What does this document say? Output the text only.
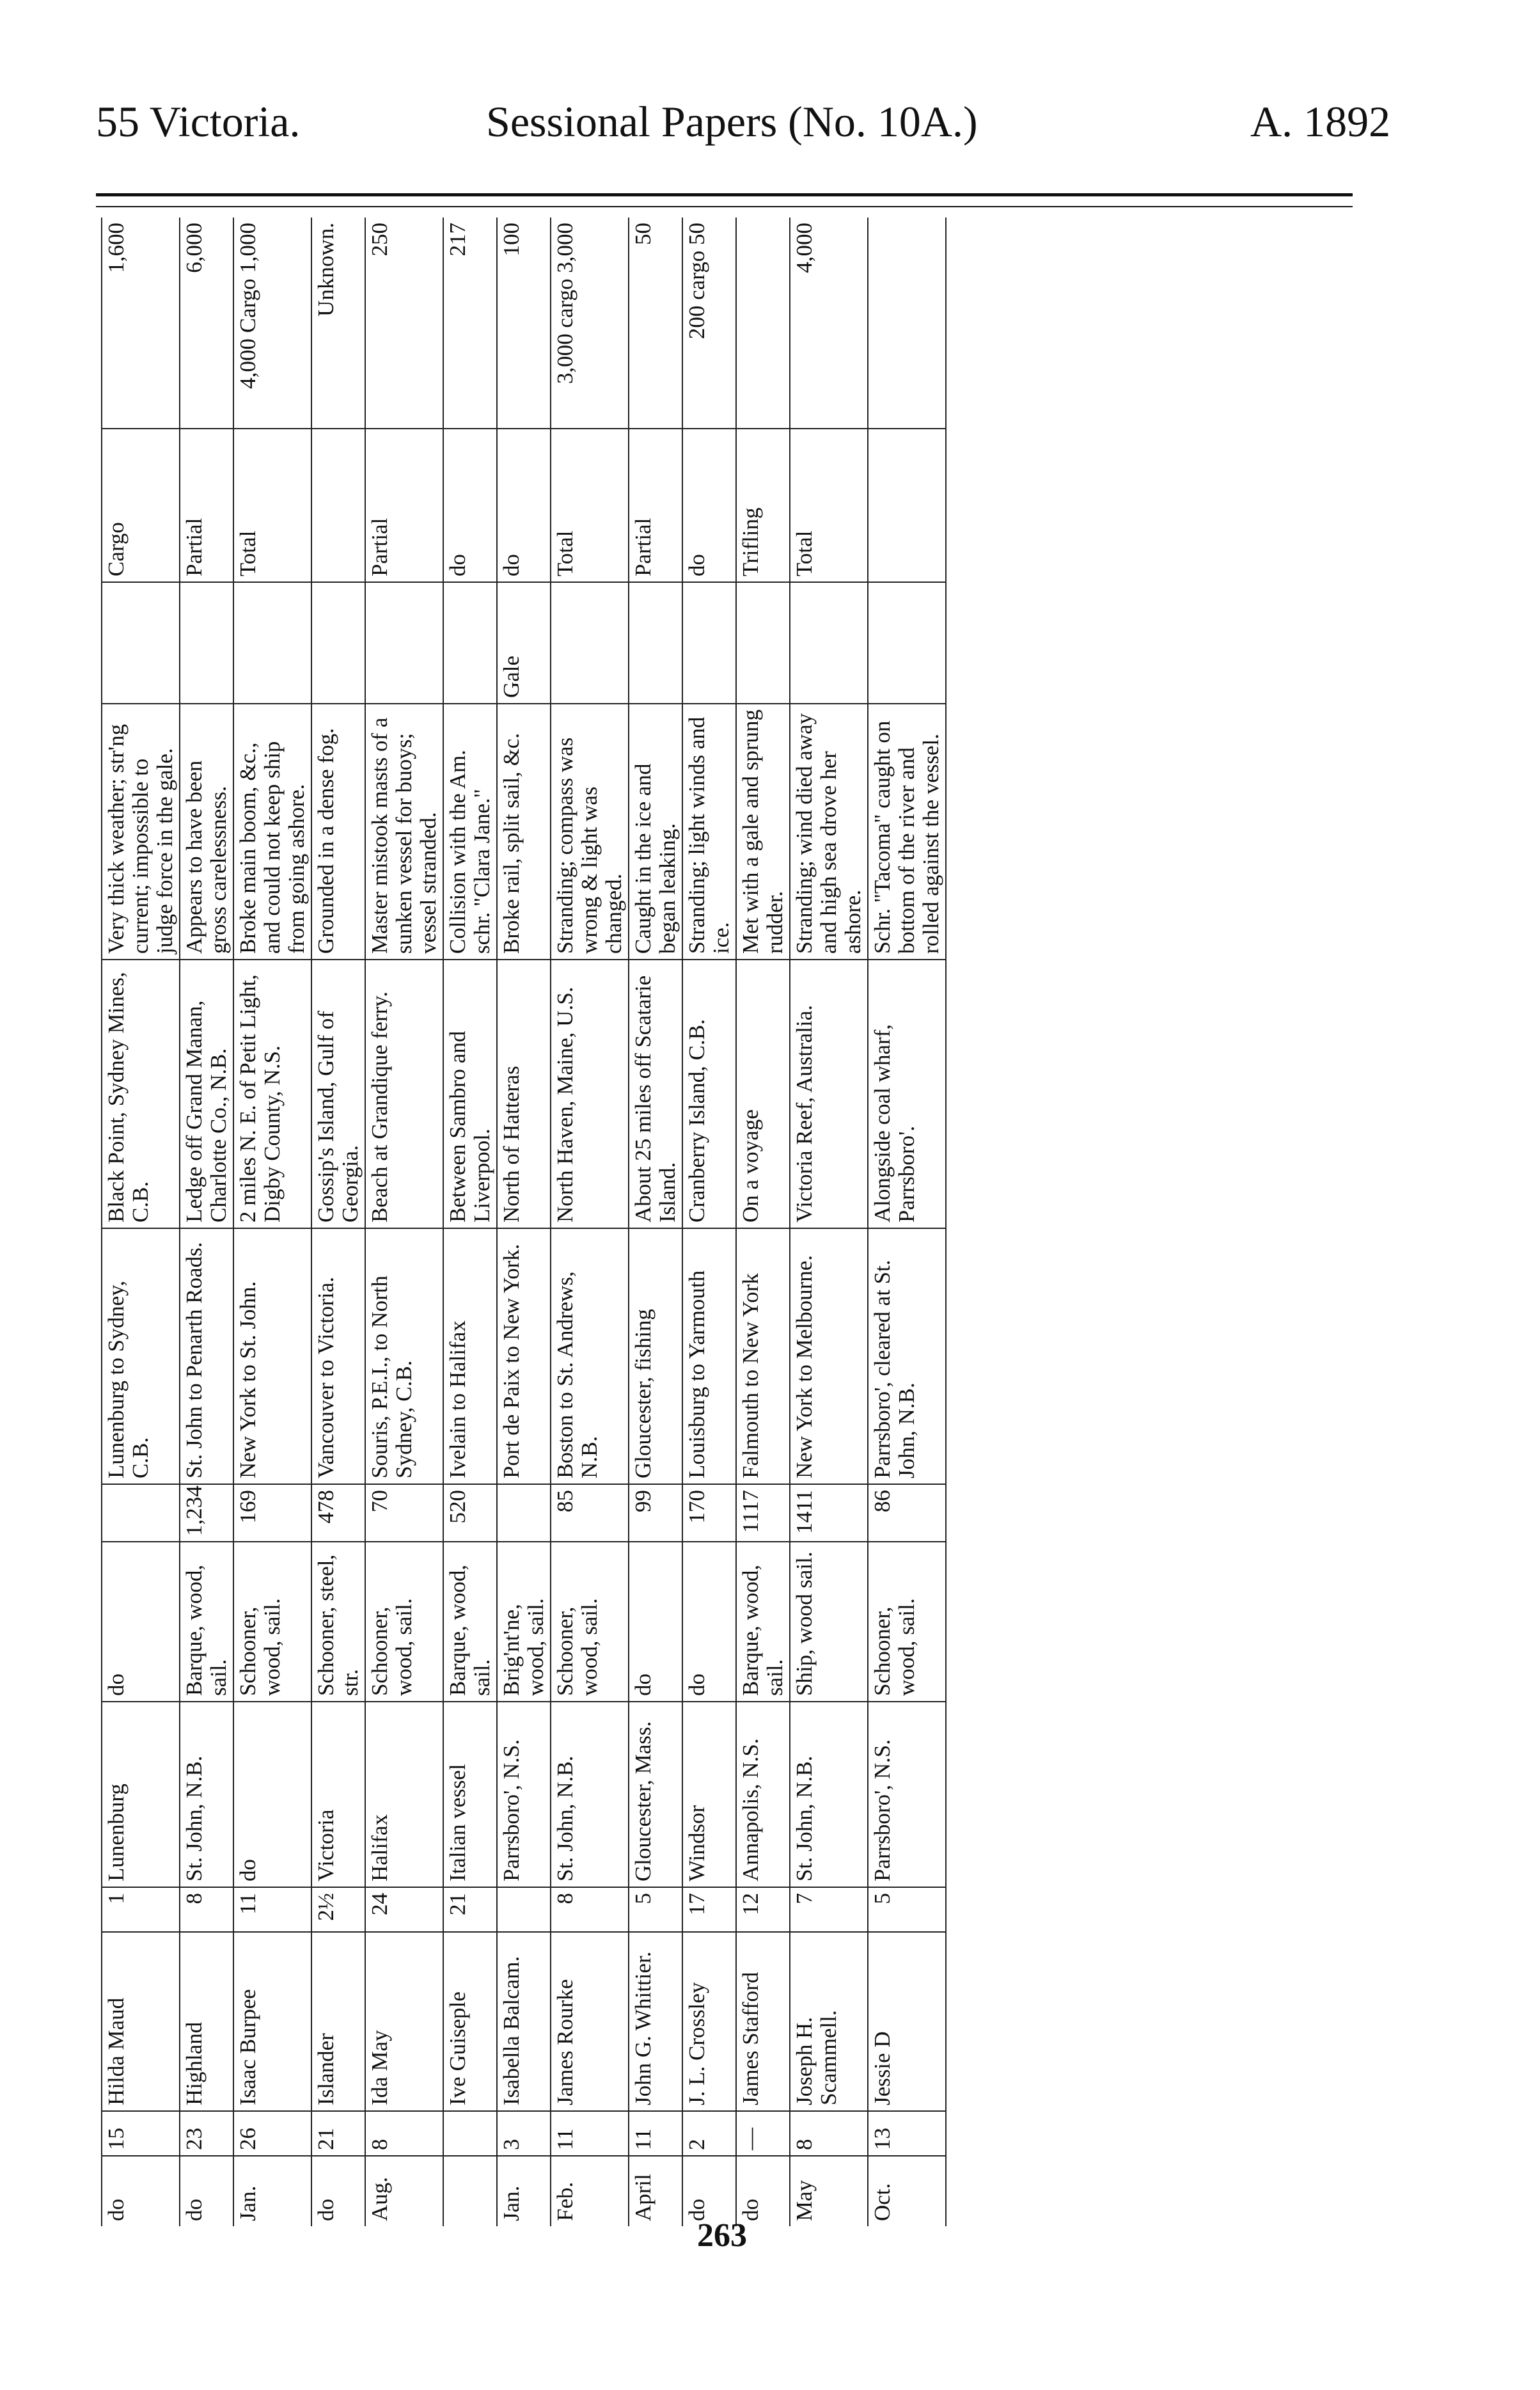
55 Victoria.	Sessional Papers (No. 10A.)	A. 1892
do	15	Hilda Maud	1	Lunenburg	do		Lunenburg to Sydney, C.B.	Black Point, Sydney Mines, C.B.	Very thick weather; str'ng current; impossible to judge force in the gale.		Cargo	1,600
do	23	Highland	8	St. John, N.B.	Barque, wood, sail.	1,234	St. John to Penarth Roads.	Ledge off Grand Manan, Charlotte Co., N.B.	Appears to have been gross carelessness.		Partial	6,000
Jan.	26	Isaac Burpee	11	do	Schooner, wood, sail.	169	New York to St. John.	2 miles N. E. of Petit Light, Digby County, N.S.	Broke main boom, &c., and could not keep ship from going ashore.		Total	4,000 Cargo 1,000
do	21	Islander	2½	Victoria	Schooner, steel, str.	478	Vancouver to Victoria.	Gossip's Island, Gulf of Georgia.	Grounded in a dense fog.			Unknown.
Aug.	8	Ida May	24	Halifax	Schooner, wood, sail.	70	Souris, P.E.I., to North Sydney, C.B.	Beach at Grandique ferry.	Master mistook masts of a sunken vessel for buoys; vessel stranded.		Partial	250
		Ive Guiseple	21	Italian vessel	Barque, wood, sail.	520	Ivelain to Halifax	Between Sambro and Liverpool.	Collision with the Am. schr. "Clara Jane."		do	217
Jan.	3	Isabella Balcam.		Parrsboro', N.S.	Brig'nt'ne, wood, sail.		Port de Paix to New York.	North of Hatteras	Broke rail, split sail, &c.	Gale	do	100
Feb.	11	James Rourke	8	St. John, N.B.	Schooner, wood, sail.	85	Boston to St. Andrews, N.B.	North Haven, Maine, U.S.	Stranding; compass was wrong & light was changed.		Total	3,000 cargo 3,000
April	11	John G. Whittier.	5	Gloucester, Mass.	do	99	Gloucester, fishing	About 25 miles off Scatarie Island.	Caught in the ice and began leaking.		Partial	50
do	2	J. L. Crossley	17	Windsor	do	170	Louisburg to Yarmouth	Cranberry Island, C.B.	Stranding; light winds and ice.		do	200 cargo 50
do	—	James Stafford	12	Annapolis, N.S.	Barque, wood, sail.	1117	Falmouth to New York	On a voyage	Met with a gale and sprung rudder.		Trifling	
May	8	Joseph H. Scammell.	7	St. John, N.B.	Ship, wood sail.	1411	New York to Melbourne.	Victoria Reef, Australia.	Stranding; wind died away and high sea drove her ashore.		Total	4,000
Oct.	13	Jessie D	5	Parrsboro', N.S.	Schooner, wood, sail.	86	Parrsboro', cleared at St. John, N.B.	Alongside coal wharf, Parrsboro'.	Schr. "Tacoma" caught on bottom of the river and rolled against the vessel.			
263
